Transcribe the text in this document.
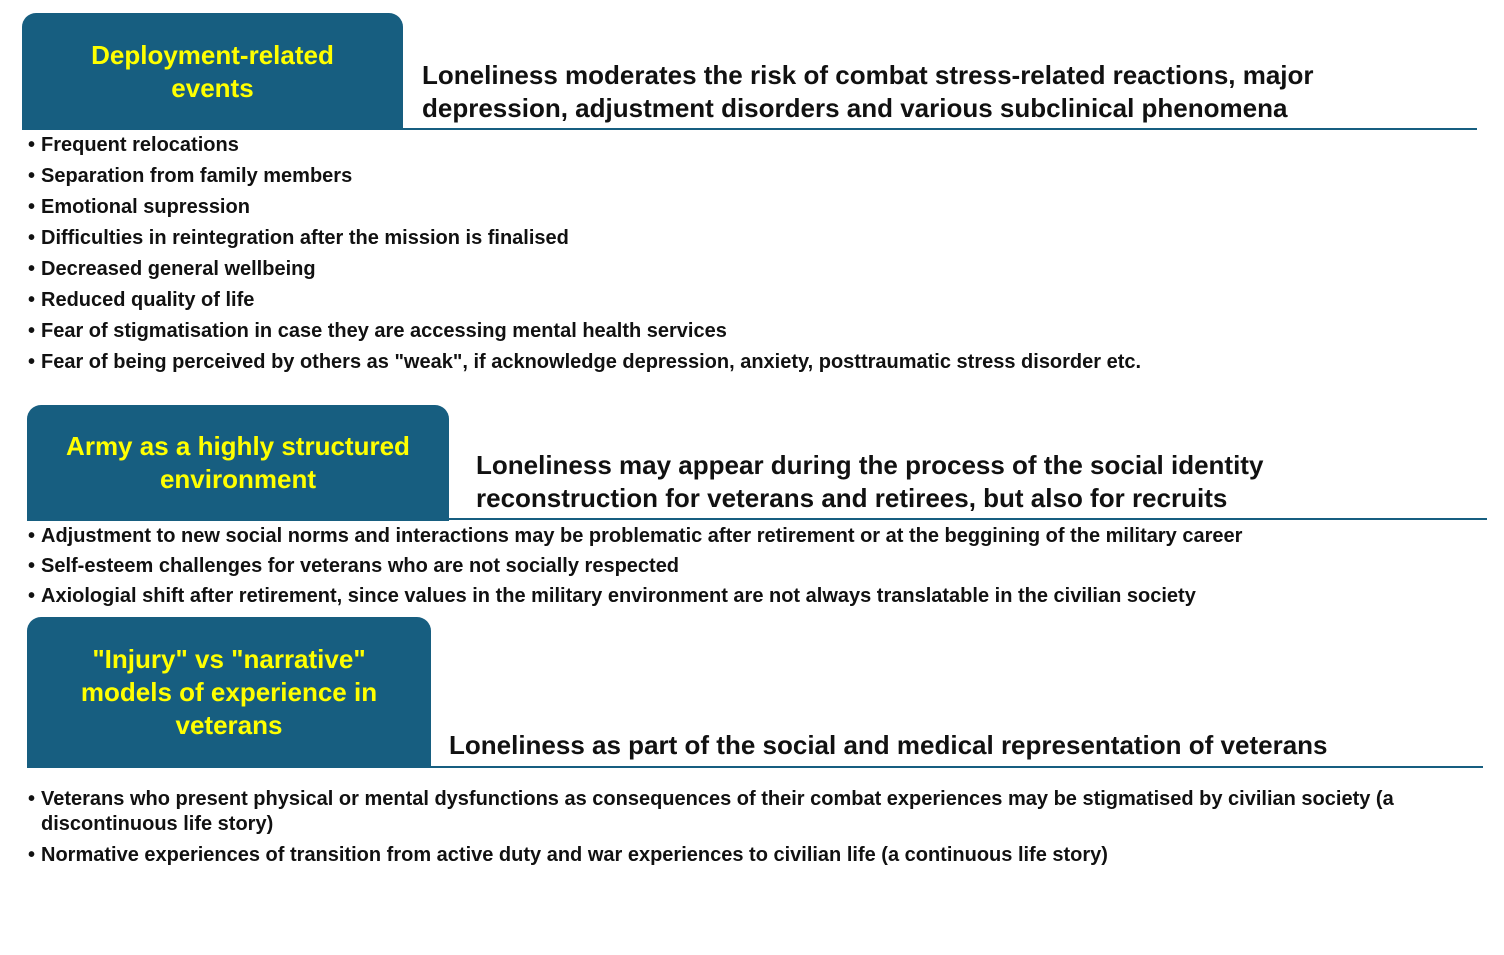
Deployment-related
events	Loneliness moderates the risk of combat stress-related reactions, major
depression, adjustment disorders and various subclinical phenomena
• Frequent relocations
• Separation from family members
• Emotional supression
• Difficulties in reintegration after the mission is finalised
• Decreased general wellbeing
• Reduced quality of life
• Fear of stigmatisation in case they are accessing mental health services
• Fear of being perceived by others as "weak", if acknowledge depression, anxiety, posttraumatic stress disorder etc.
Army as a highly structured
environment	Loneliness may appear during the process of the social identity
reconstruction for veterans and retirees, but also for recruits
• Adjustment to new social norms and interactions may be problematic after retirement or at the beggining of the military career
• Self-esteem challenges for veterans who are not socially respected
• Axiologial shift after retirement, since values in the military environment are not always translatable in the civilian society
"Injury" vs "narrative"
models of experience in
veterans
Loneliness as part of the social and medical representation of veterans
• Veterans who present physical or mental dysfunctions as consequences of their combat experiences may be stigmatised by civilian society (a discontinuous life story)
• Normative experiences of transition from active duty and war experiences to civilian life (a continuous life story)
